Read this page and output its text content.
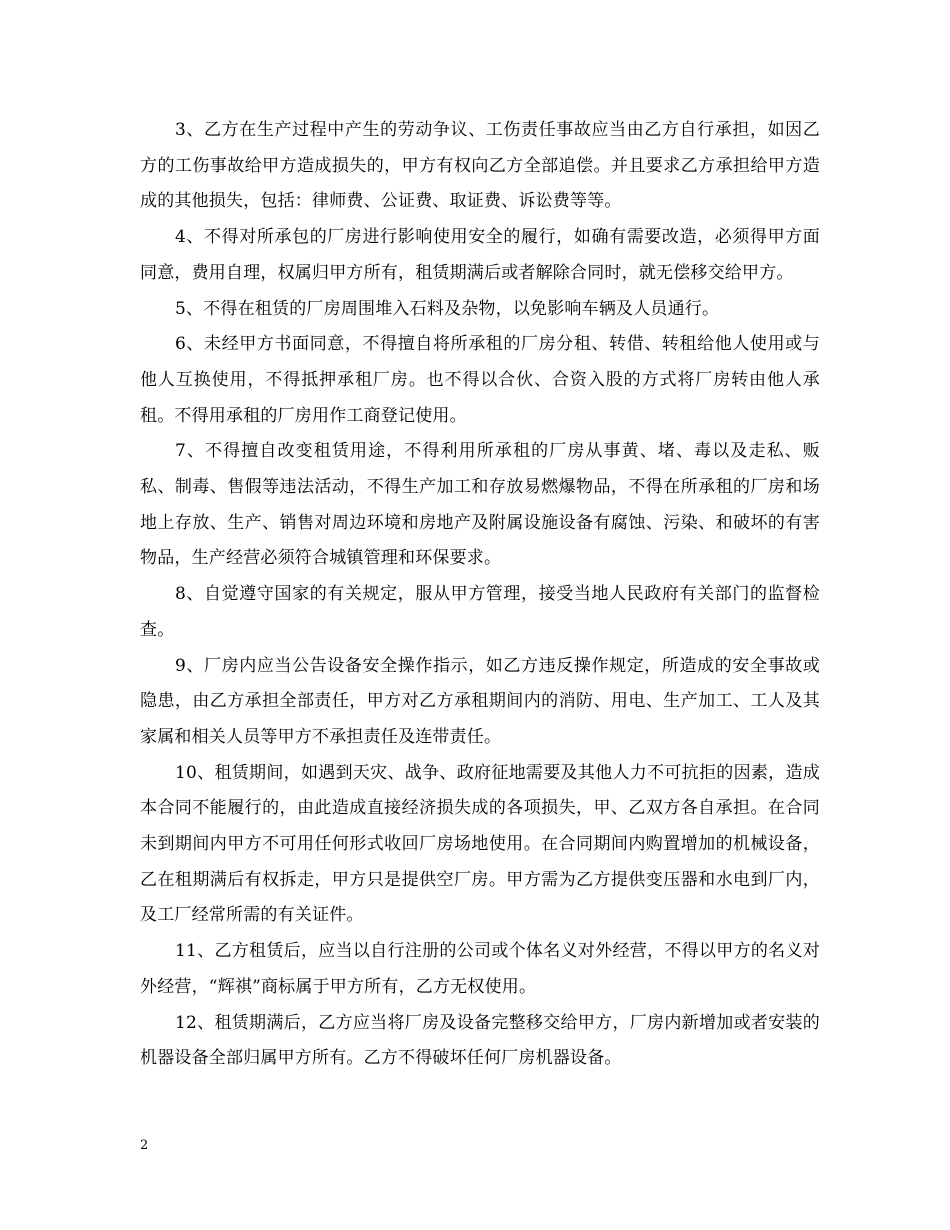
3、乙方在生产过程中产生的劳动争议、工伤责任事故应当由乙方自行承担，如因乙方的工伤事故给甲方造成损失的，甲方有权向乙方全部追偿。并且要求乙方承担给甲方造成的其他损失，包括：律师费、公证费、取证费、诉讼费等等。

4、不得对所承包的厂房进行影响使用安全的履行，如确有需要改造，必须得甲方面同意，费用自理，权属归甲方所有，租赁期满后或者解除合同时，就无偿移交给甲方。

5、不得在租赁的厂房周围堆入石料及杂物，以免影响车辆及人员通行。

6、未经甲方书面同意，不得擅自将所承租的厂房分租、转借、转租给他人使用或与他人互换使用，不得抵押承租厂房。也不得以合伙、合资入股的方式将厂房转由他人承租。不得用承租的厂房用作工商登记使用。

7、不得擅自改变租赁用途，不得利用所承租的厂房从事黄、堵、毒以及走私、贩私、制毒、售假等违法活动，不得生产加工和存放易燃爆物品，不得在所承租的厂房和场地上存放、生产、销售对周边环境和房地产及附属设施设备有腐蚀、污染、和破坏的有害物品，生产经营必须符合城镇管理和环保要求。

8、自觉遵守国家的有关规定，服从甲方管理，接受当地人民政府有关部门的监督检查。

9、厂房内应当公告设备安全操作指示，如乙方违反操作规定，所造成的安全事故或隐患，由乙方承担全部责任，甲方对乙方承租期间内的消防、用电、生产加工、工人及其家属和相关人员等甲方不承担责任及连带责任。

10、租赁期间，如遇到天灾、战争、政府征地需要及其他人力不可抗拒的因素，造成本合同不能履行的，由此造成直接经济损失成的各项损失，甲、乙双方各自承担。在合同未到期间内甲方不可用任何形式收回厂房场地使用。在合同期间内购置增加的机械设备，乙在租期满后有权拆走，甲方只是提供空厂房。甲方需为乙方提供变压器和水电到厂内，及工厂经常所需的有关证件。

11、乙方租赁后，应当以自行注册的公司或个体名义对外经营，不得以甲方的名义对外经营，“辉祺”商标属于甲方所有，乙方无权使用。

12、租赁期满后，乙方应当将厂房及设备完整移交给甲方，厂房内新增加或者安装的机器设备全部归属甲方所有。乙方不得破坏任何厂房机器设备。

2
